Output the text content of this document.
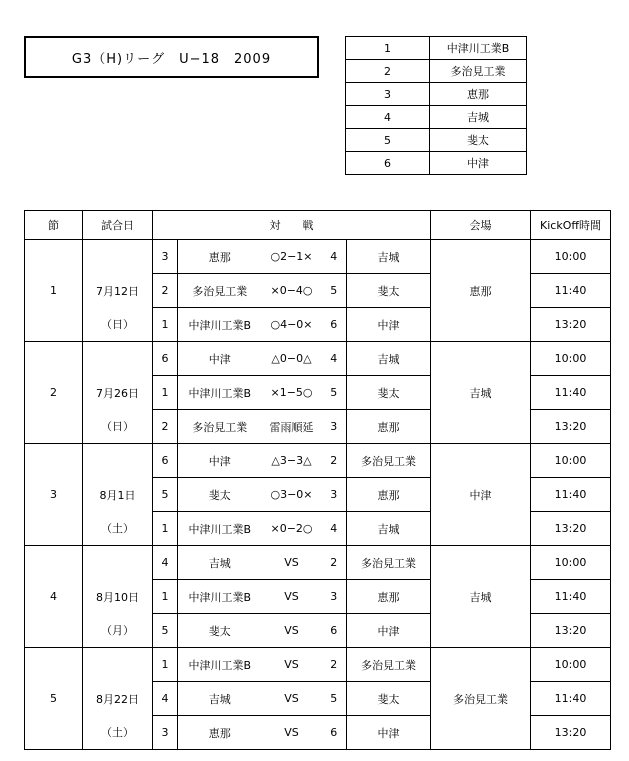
G3（H)リーグ　U−18　2009
1	中津川工業B
2	多治見工業
3	恵那
4	吉城
5	斐太
6	中津
節	試合日	対　　戦					会場	KickOff時間
		3	恵那	○2−1×	4	吉城		10:00
1	7月12日	2	多治見工業	×0−4○	5	斐太	恵那	11:40
	（日）	1	中津川工業B	○4−0×	6	中津		13:20
		6	中津	△0−0△	4	吉城		10:00
2	7月26日	1	中津川工業B	×1−5○	5	斐太	吉城	11:40
	（日）	2	多治見工業	雷雨順延	3	恵那		13:20
		6	中津	△3−3△	2	多治見工業		10:00
3	8月1日	5	斐太	○3−0×	3	恵那	中津	11:40
	（土）	1	中津川工業B	×0−2○	4	吉城		13:20
		4	吉城	VS	2	多治見工業		10:00
4	8月10日	1	中津川工業B	VS	3	恵那	吉城	11:40
	（月）	5	斐太	VS	6	中津		13:20
		1	中津川工業B	VS	2	多治見工業		10:00
5	8月22日	4	吉城	VS	5	斐太	多治見工業	11:40
	（土）	3	恵那	VS	6	中津		13:20
